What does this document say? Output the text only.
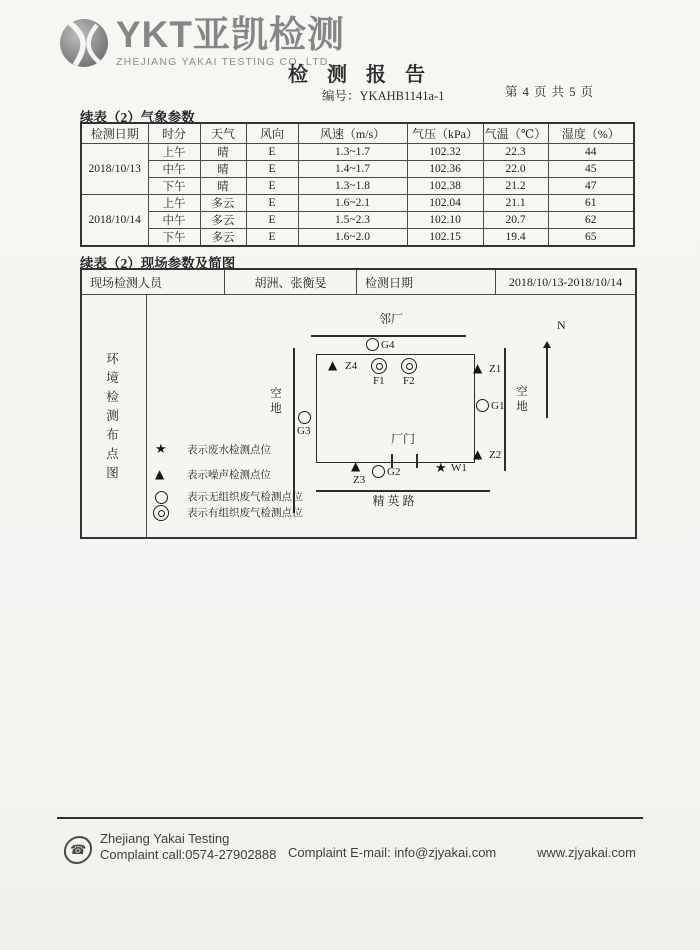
YKT亚凯检测
ZHEJIANG YAKAI TESTING CO.,LTD
检 测 报 告
编号：YKAHB1141a-1	第 4 页 共 5 页
续表（2）气象参数
检测日期	时分	天气	风向	风速（m/s）	气压（kPa）	气温（℃）	湿度（%）
2018/10/13	上午	晴	E	1.3~1.7	102.32	22.3	44
	中午	晴	E	1.4~1.7	102.36	22.0	45
	下午	晴	E	1.3~1.8	102.38	21.2	47
2018/10/14	上午	多云	E	1.6~2.1	102.04	21.1	61
	中午	多云	E	1.5~2.3	102.10	20.7	62
	下午	多云	E	1.6~2.0	102.15	19.4	65
续表（2）现场参数及简图
现场检测人员	胡洲、张衡旻	检测日期	2018/10/13-2018/10/14
环境检测布点图
邻厂	N
空地
空地
G4
▲ Z4
F1 F2
▲ Z1
G1
G3
厂门
▲ Z2
▲
Z3
G2	★ W1
精英路
★ 表示废水检测点位
▲ 表示噪声检测点位
表示无组织废气检测点位
表示有组织废气检测点位
☎
Zhejiang Yakai Testing
Complaint call:0574-27902888 Complaint E-mail: info@zjyakai.com	www.zjyakai.com
